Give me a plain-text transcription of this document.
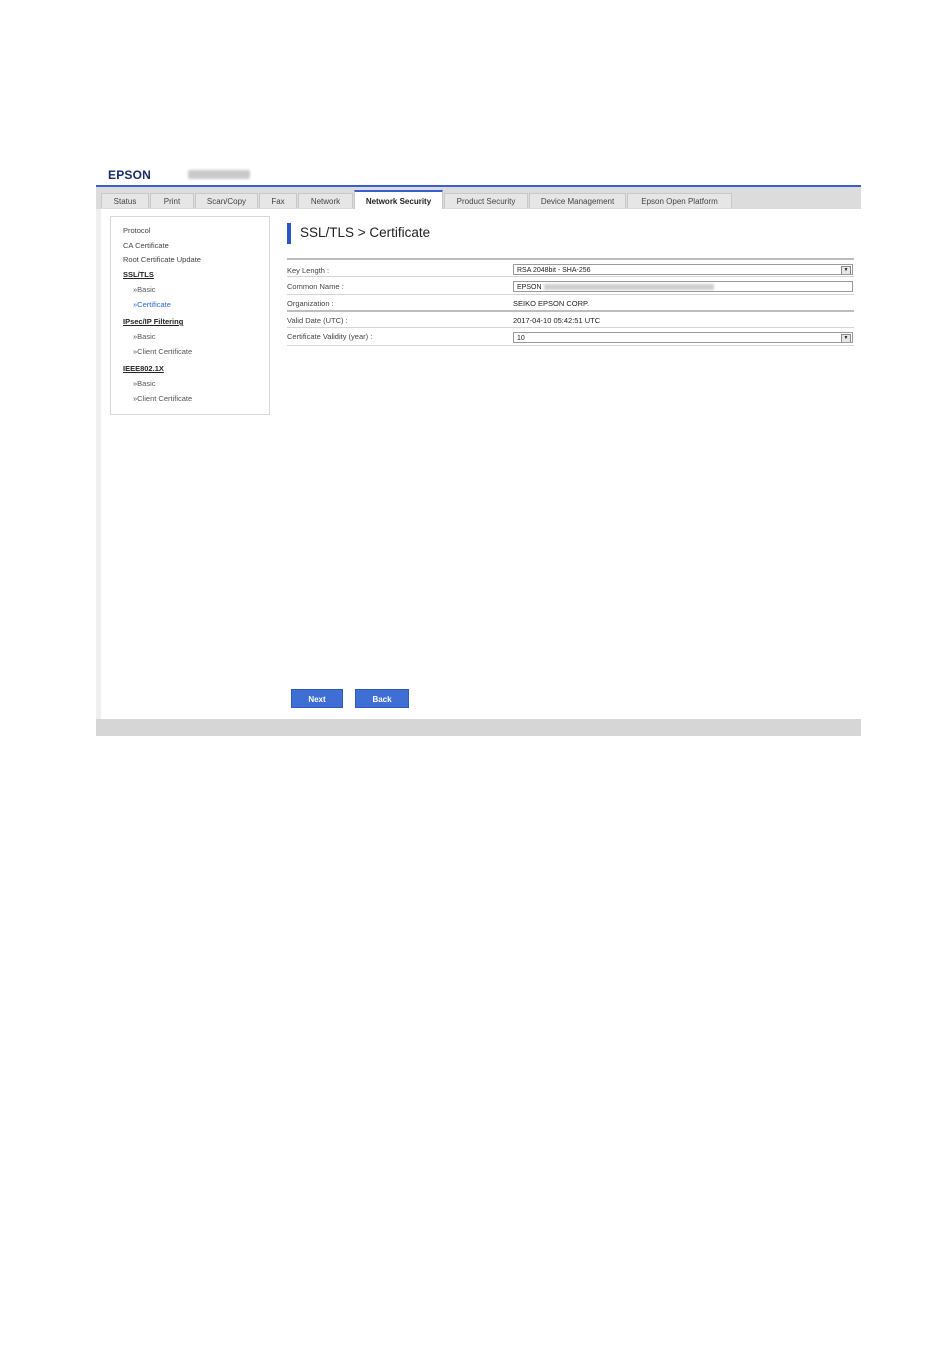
EPSON
Status	Print	Scan/Copy	Fax	Network	Network Security	Product Security	Device Management	Epson Open Platform
Protocol
CA Certificate
Root Certificate Update
SSL/TLS
»Basic
»Certificate
IPsec/IP Filtering
»Basic
»Client Certificate
IEEE802.1X
»Basic
»Client Certificate
SSL/TLS > Certificate
Key Length :	RSA 2048bit - SHA-256	▼
Common Name :	EPSON
Organization :	SEIKO EPSON CORP.
Valid Date (UTC) :	2017-04-10 05:42:51 UTC
Certificate Validity (year) :	10	▼
Next	Back
